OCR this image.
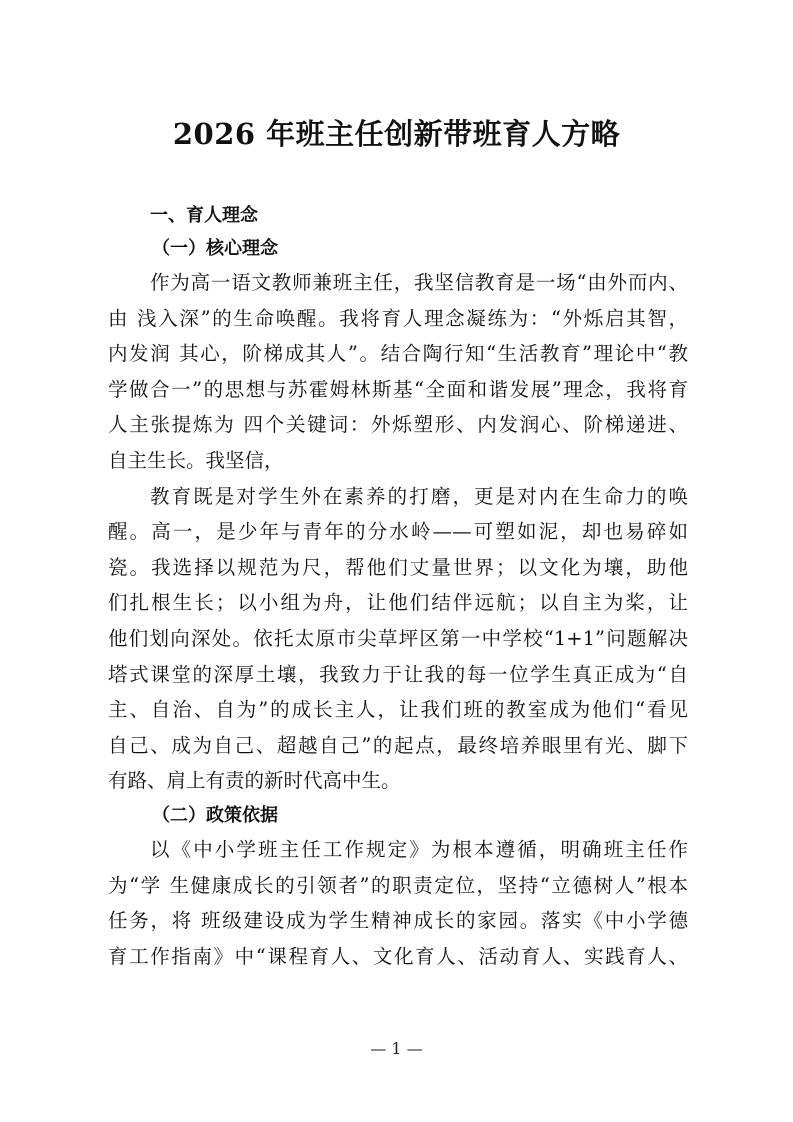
2026 年班主任创新带班育人方略
一、育人理念
（一）核心理念

作为高一语文教师兼班主任，我坚信教育是一场“由外而内、
由 浅入深”的生命唤醒。我将育人理念凝练为：“外烁启其智，
内发润 其心，阶梯成其人”。结合陶行知“生活教育”理论中“教
学做合一”的思想与苏霍姆林斯基“全面和谐发展”理念，我将育
人主张提炼为 四个关键词：外烁塑形、内发润心、阶梯递进、
自主生长。我坚信，

教育既是对学生外在素养的打磨，更是对内在生命力的唤
醒。高一，是少年与青年的分水岭——可塑如泥，却也易碎如
瓷。我选择以规范为尺，帮他们丈量世界；以文化为壤，助他
们扎根生长；以小组为舟，让他们结伴远航；以自主为桨，让
他们划向深处。依托太原市尖草坪区第一中学校“1+1”问题解决
塔式课堂的深厚土壤，我致力于让我的每一位学生真正成为“自
主、自治、自为”的成长主人，让我们班的教室成为他们“看见
自己、成为自己、超越自己”的起点，最终培养眼里有光、脚下
有路、肩上有责的新时代高中生。

（二）政策依据

以《中小学班主任工作规定》为根本遵循，明确班主任作
为“学 生健康成长的引领者”的职责定位，坚持“立德树人”根本
任务，将 班级建设成为学生精神成长的家园。落实《中小学德
育工作指南》中“课程育人、文化育人、活动育人、实践育人、

— 1 —
